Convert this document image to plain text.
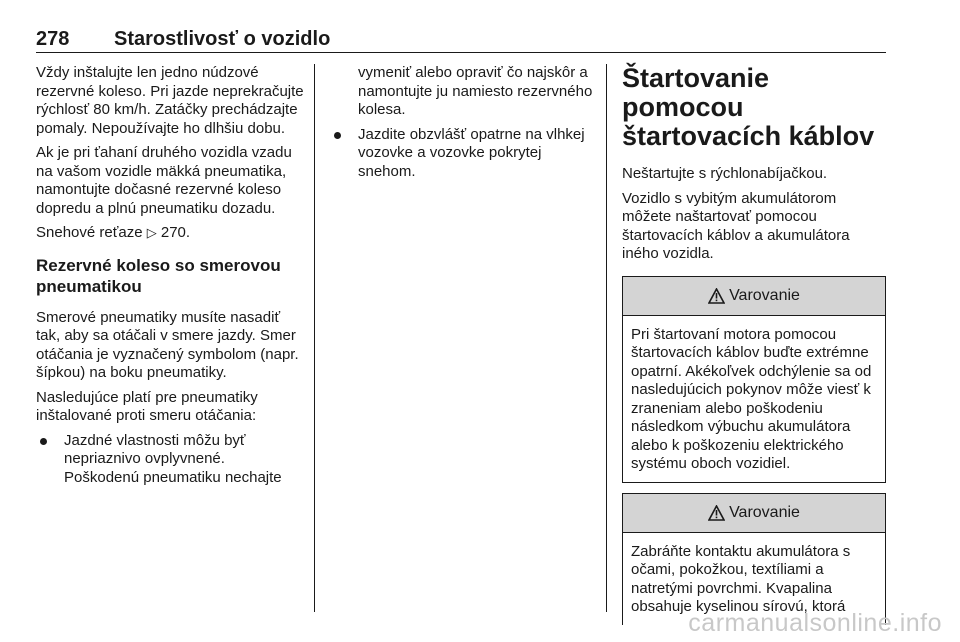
278 Starostlivosť o vozidlo

Vždy inštalujte len jedno núdzové rezervné koleso. Pri jazde neprekračujte rýchlosť 80 km/h. Zatáčky prechádzajte pomaly. Nepoužívajte ho dlhšiu dobu.

Ak je pri ťahaní druhého vozidla vzadu na vašom vozidle mäkká pneumatika, namontujte dočasné rezervné koleso dopredu a plnú pneumatiku dozadu.

Snehové reťaze ▷ 270.

Rezervné koleso so smerovou pneumatikou

Smerové pneumatiky musíte nasadiť tak, aby sa otáčali v smere jazdy. Smer otáčania je vyznačený symbolom (napr. šípkou) na boku pneumatiky.

Nasledujúce platí pre pneumatiky inštalované proti smeru otáčania:

Jazdné vlastnosti môžu byť nepriaznivo ovplyvnené. Poškodenú pneumatiku nechajte
vymeniť alebo opraviť čo najskôr a namontujte ju namiesto rezervného kolesa.
Jazdite obzvlášť opatrne na vlhkej vozovke a vozovke pokrytej snehom.
Štartovanie pomocou štartovacích káblov

Neštartujte s rýchlonabíjačkou.

Vozidlo s vybitým akumulátorom môžete naštartovať pomocou štartovacích káblov a akumulátora iného vozidla.

Varovanie

Pri štartovaní motora pomocou štartovacích káblov buďte extrémne opatrní. Akékoľvek odchýlenie sa od nasledujúcich pokynov môže viesť k zraneniam alebo poškodeniu následkom výbuchu akumulátora alebo k poškozeniu elektrického systému oboch vozidiel.

Varovanie

Zabráňte kontaktu akumulátora s očami, pokožkou, textíliami a natretými povrchmi. Kvapalina obsahuje kyselinou sírovú, ktorá

carmanualsonline.info
